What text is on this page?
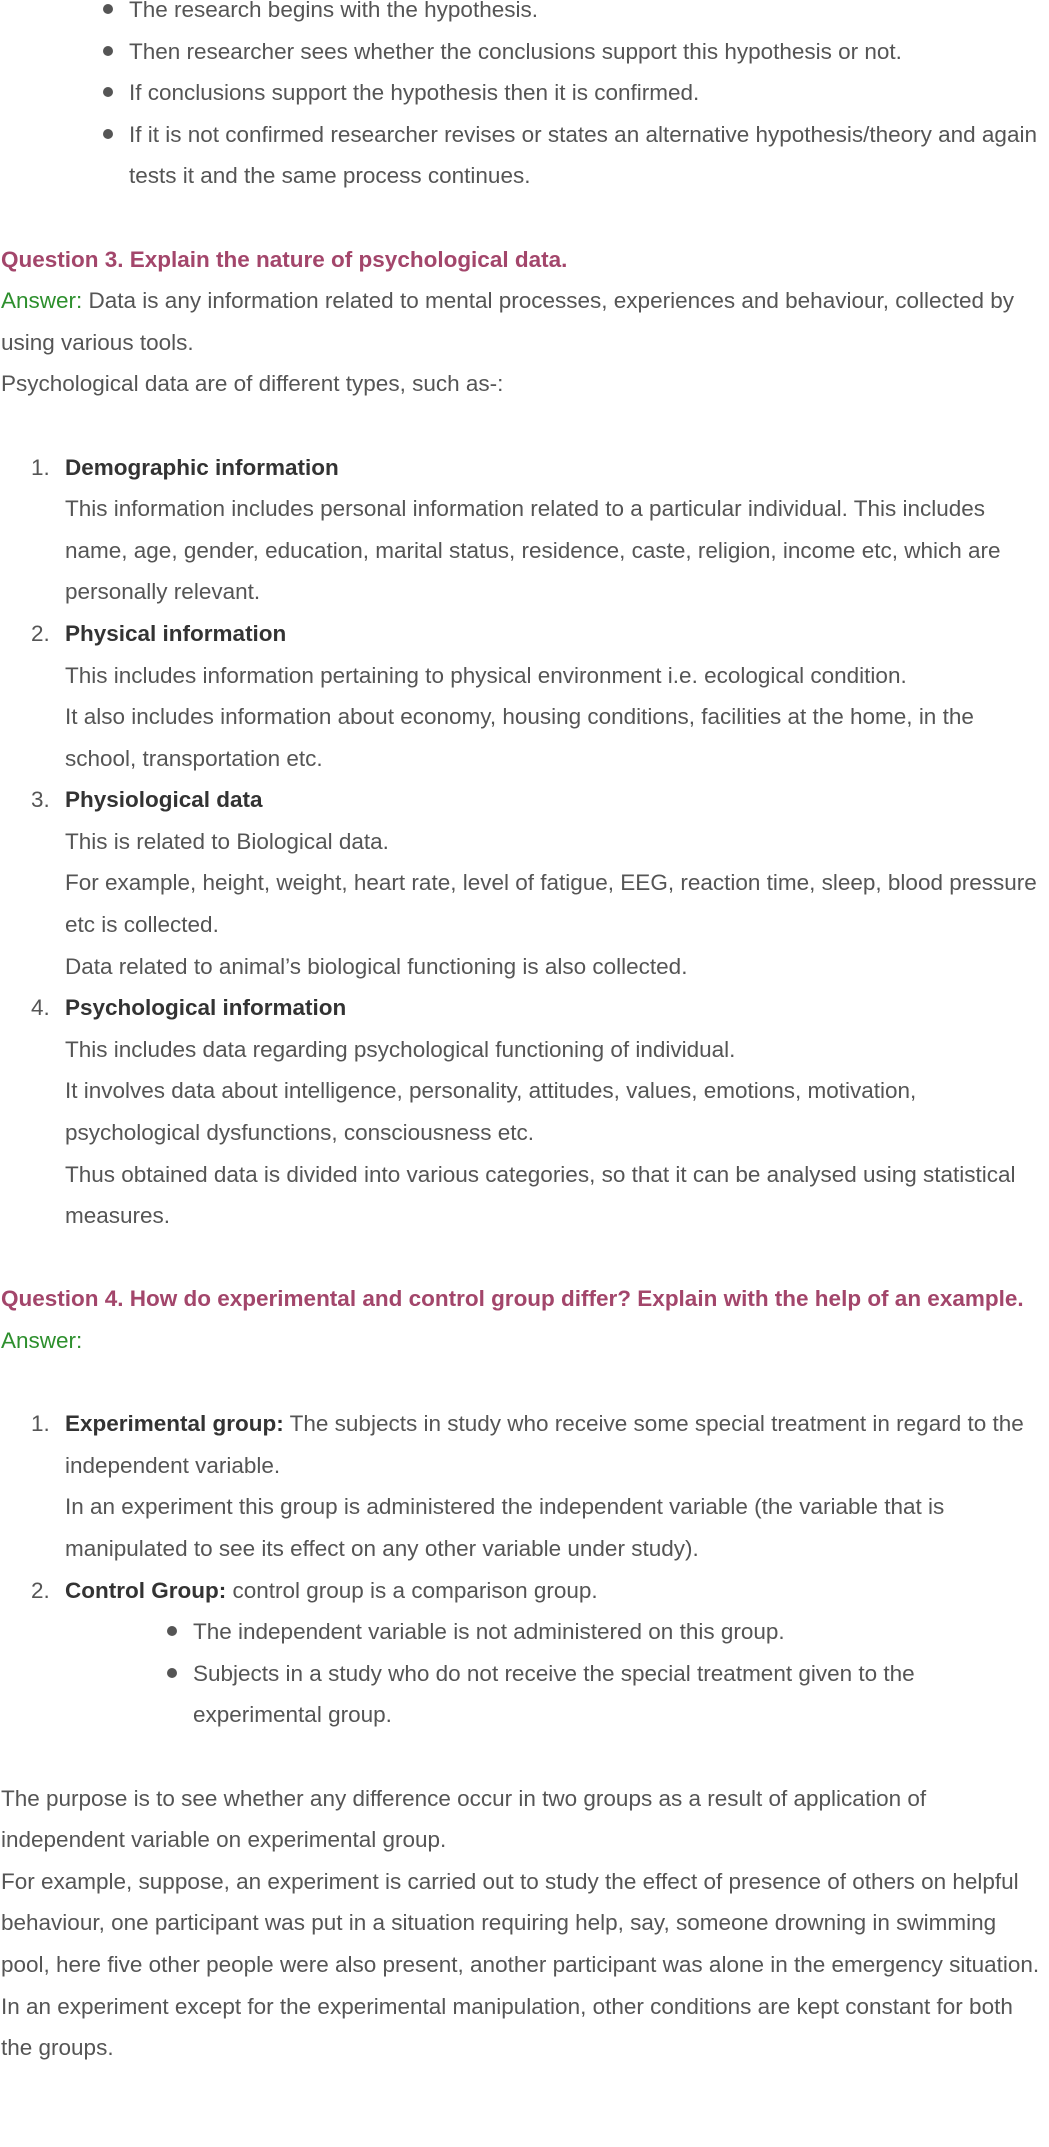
The research begins with the hypothesis.
Then researcher sees whether the conclusions support this hypothesis or not.
If conclusions support the hypothesis then it is confirmed.
If it is not confirmed researcher revises or states an alternative hypothesis/theory and again tests it and the same process continues.

Question 3. Explain the nature of psychological data.

Answer: Data is any information related to mental processes, experiences and behaviour, collected by using various tools.

Psychological data are of different types, such as-:

1. Demographic information
This information includes personal information related to a particular individual. This includes name, age, gender, education, marital status, residence, caste, religion, income etc, which are personally relevant.
2. Physical information
This includes information pertaining to physical environment i.e. ecological condition.
It also includes information about economy, housing conditions, facilities at the home, in the school, transportation etc.
3. Physiological data
This is related to Biological data.
For example, height, weight, heart rate, level of fatigue, EEG, reaction time, sleep, blood pressure etc is collected.
Data related to animal’s biological functioning is also collected.
4. Psychological information
This includes data regarding psychological functioning of individual.
It involves data about intelligence, personality, attitudes, values, emotions, motivation, psychological dysfunctions, consciousness etc.
Thus obtained data is divided into various categories, so that it can be analysed using statistical measures.

Question 4. How do experimental and control group differ? Explain with the help of an example.

Answer:

1. Experimental group: The subjects in study who receive some special treatment in regard to the independent variable.
In an experiment this group is administered the independent variable (the variable that is manipulated to see its effect on any other variable under study).
2. Control Group: control group is a comparison group.
The independent variable is not administered on this group.
Subjects in a study who do not receive the special treatment given to the experimental group.

The purpose is to see whether any difference occur in two groups as a result of application of independent variable on experimental group.

For example, suppose, an experiment is carried out to study the effect of presence of others on helpful behaviour, one participant was put in a situation requiring help, say, someone drowning in swimming pool, here five other people were also present, another participant was alone in the emergency situation.

In an experiment except for the experimental manipulation, other conditions are kept constant for both the groups.
